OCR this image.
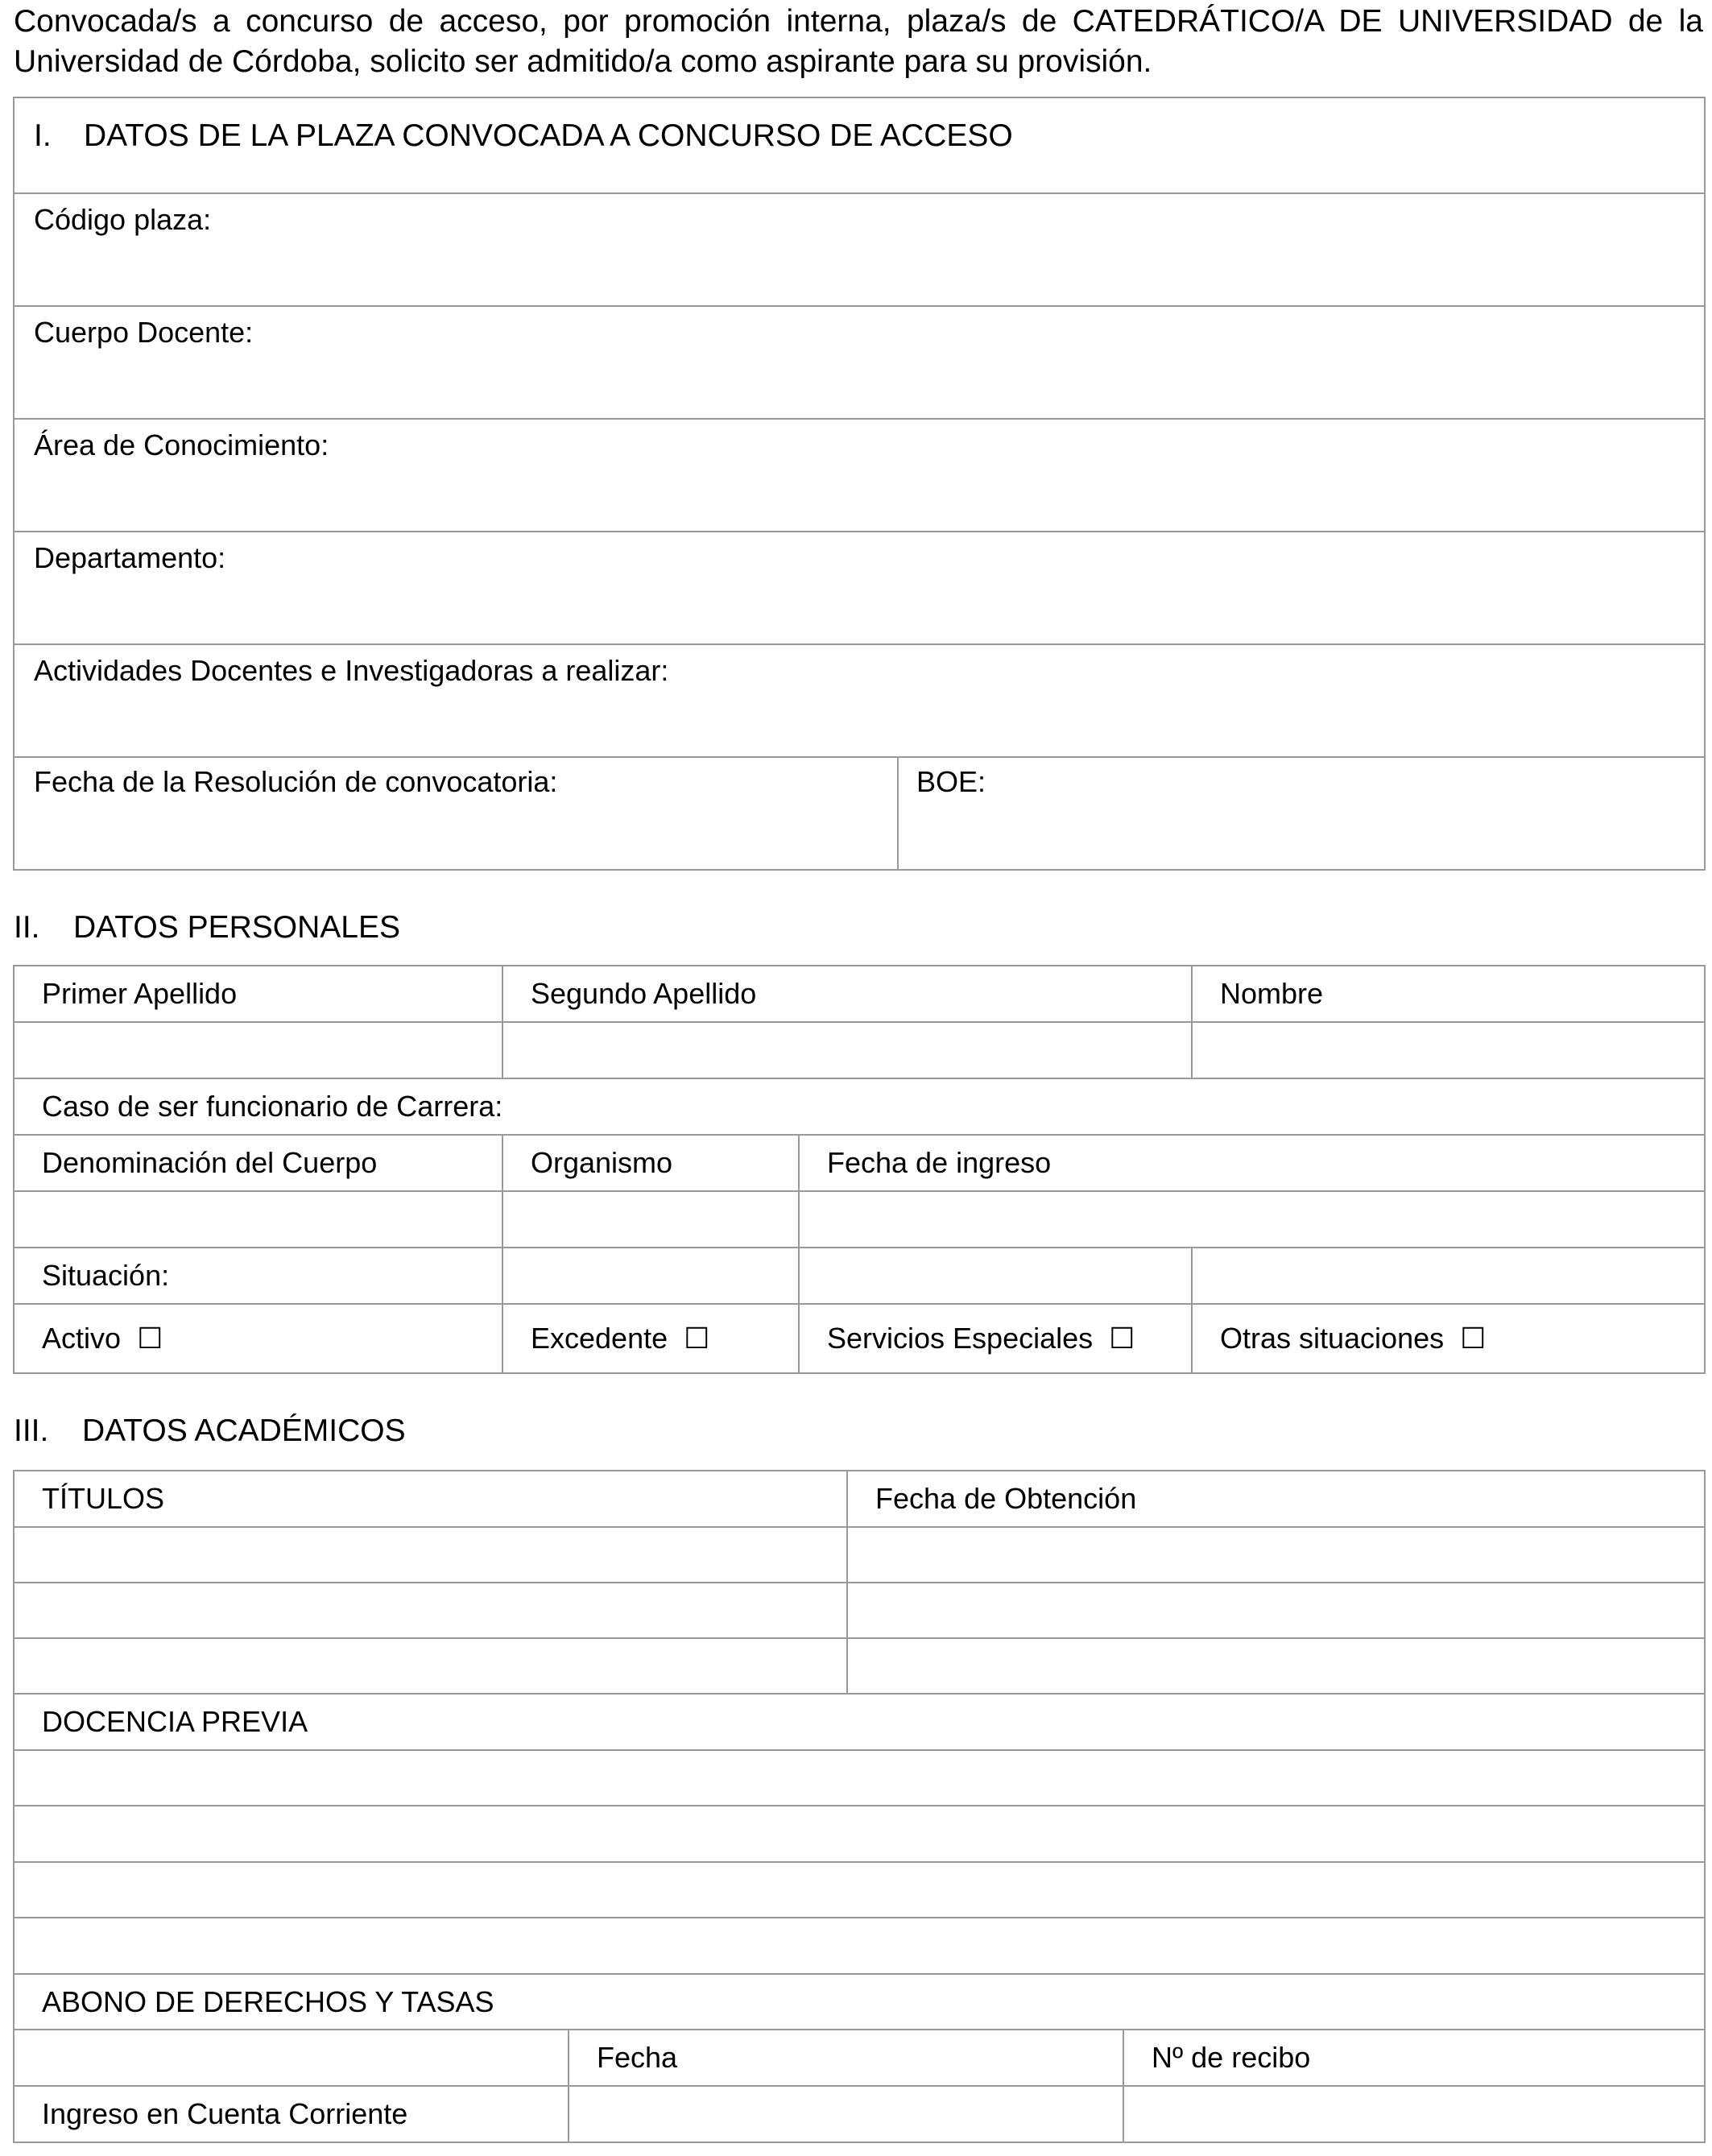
Convocada/s a concurso de acceso, por promoción interna, plaza/s de CATEDRÁTICO/A DE UNIVERSIDAD de la Universidad de Córdoba, solicito ser admitido/a como aspirante para su provisión.
I. DATOS DE LA PLAZA CONVOCADA A CONCURSO DE ACCESO

Código plaza:

Cuerpo Docente:

Área de Conocimiento:

Departamento:

Actividades Docentes e Investigadoras a realizar:

Fecha de la Resolución de convocatoria:	BOE:
II. DATOS PERSONALES
Primer Apellido	Segundo Apellido		Nombre

Caso de ser funcionario de Carrera:			

Denominación del Cuerpo	Organismo	Fecha de ingreso	

Situación:			

Activo ☐	Excedente ☐	Servicios Especiales ☐	Otras situaciones ☐
III. DATOS ACADÉMICOS
TÍTULOS		Fecha de Obtención	

DOCENCIA PREVIA			

ABONO DE DERECHOS Y TASAS			

	Fecha		Nº de recibo

Ingreso en Cuenta Corriente			
